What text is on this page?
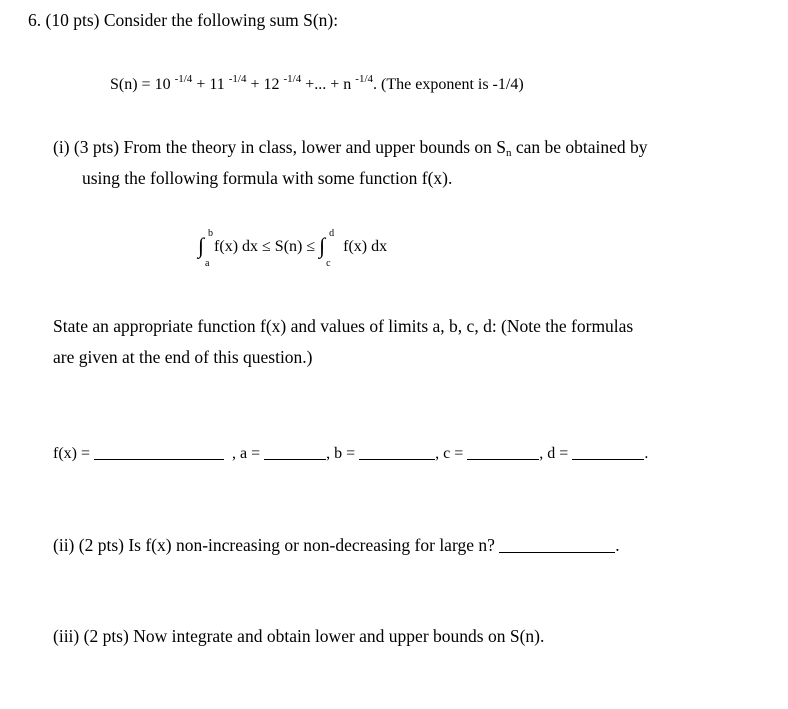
6. (10 pts) Consider the following sum S(n):
S(n) = 10 $^{-1/4}$ + 11 $^{-1/4}$ + 12 $^{-1/4}$ +... + n $^{-1/4}$. (The exponent is -1/4)
(i) (3 pts) From the theory in class, lower and upper bounds on Sn can be obtained by
using the following formula with some function f(x).
∫ b
a
f(x) dx ≤ S(n) ≤ ∫ d
c
f(x) dx
State an appropriate function f(x) and values of limits a, b, c, d: (Note the formulas
are given at the end of this question.)
f(x) =	, a =	, b =	, c =	, d =	.
(ii) (2 pts) Is f(x) non-increasing or non-decreasing for large n?	.
(iii) (2 pts) Now integrate and obtain lower and upper bounds on S(n).
